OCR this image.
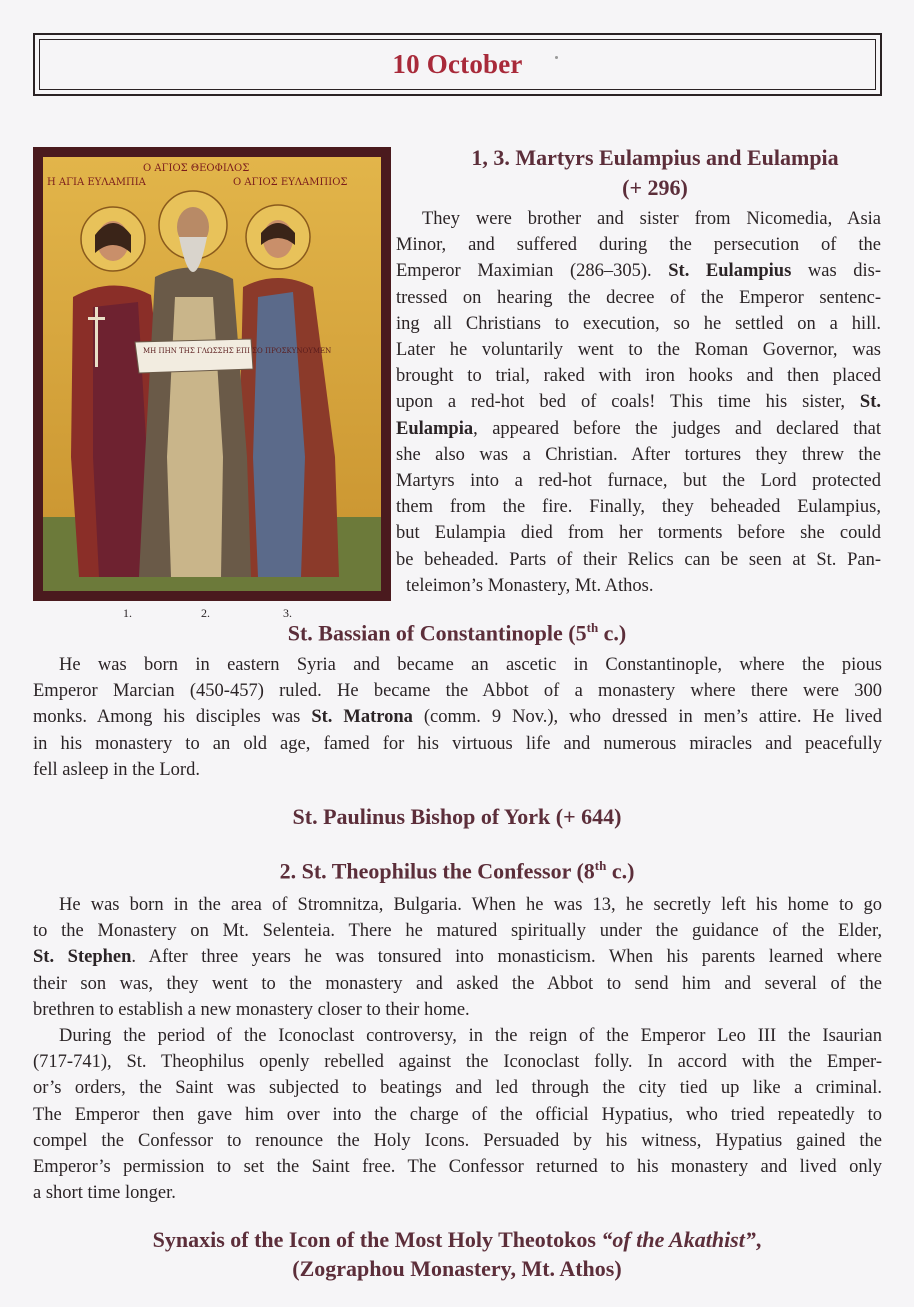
10 October
Ο ΑΓΙΟΣ ΘΕΟΦΙΛΟΣ
Η ΑΓΙΑ ΕΥΛΑΜΠΙΑ	Ο ΑΓΙΟΣ ΕΥΛΑΜΠΙΟΣ
ΜΗ ΠΗΝ ΤΗΣ ΓΛΩΣΣΗΣ ΕΠΙ ΣΟ ΠΡΟΣΚΥΝΟΥΜΕΝ
1.	2.	3.
1, 3. Martyrs Eulampius and Eulampia
(+ 296)
They were brother and sister from Nicomedia, Asia
Minor, and suffered during the persecution of the
Emperor Maximian (286–305). St. Eulampius was dis-
tressed on hearing the decree of the Emperor sentenc-
ing all Christians to execution, so he settled on a hill.
Later he voluntarily went to the Roman Governor, was
brought to trial, raked with iron hooks and then placed
upon a red-hot bed of coals! This time his sister, St.
Eulampia, appeared before the judges and declared that
she also was a Christian. After tortures they threw the
Martyrs into a red-hot furnace, but the Lord protected
them from the fire. Finally, they beheaded Eulampius,
but Eulampia died from her torments before she could
be beheaded. Parts of their Relics can be seen at St. Pan-
teleimon’s Monastery, Mt. Athos.
St. Bassian of Constantinople (5th c.)
He was born in eastern Syria and became an ascetic in Constantinople, where the pious
Emperor Marcian (450-457) ruled. He became the Abbot of a monastery where there were 300
monks. Among his disciples was St. Matrona (comm. 9 Nov.), who dressed in men’s attire. He lived
in his monastery to an old age, famed for his virtuous life and numerous miracles and peacefully
fell asleep in the Lord.
St. Paulinus Bishop of York (+ 644)
2. St. Theophilus the Confessor (8th c.)
He was born in the area of Stromnitza, Bulgaria. When he was 13, he secretly left his home to go
to the Monastery on Mt. Selenteia. There he matured spiritually under the guidance of the Elder,
St. Stephen. After three years he was tonsured into monasticism. When his parents learned where
their son was, they went to the monastery and asked the Abbot to send him and several of the
brethren to establish a new monastery closer to their home.
During the period of the Iconoclast controversy, in the reign of the Emperor Leo III the Isaurian
(717-741), St. Theophilus openly rebelled against the Iconoclast folly. In accord with the Emper-
or’s orders, the Saint was subjected to beatings and led through the city tied up like a criminal.
The Emperor then gave him over into the charge of the official Hypatius, who tried repeatedly to
compel the Confessor to renounce the Holy Icons. Persuaded by his witness, Hypatius gained the
Emperor’s permission to set the Saint free. The Confessor returned to his monastery and lived only
a short time longer.
Synaxis of the Icon of the Most Holy Theotokos “of the Akathist”,
(Zographou Monastery, Mt. Athos)
